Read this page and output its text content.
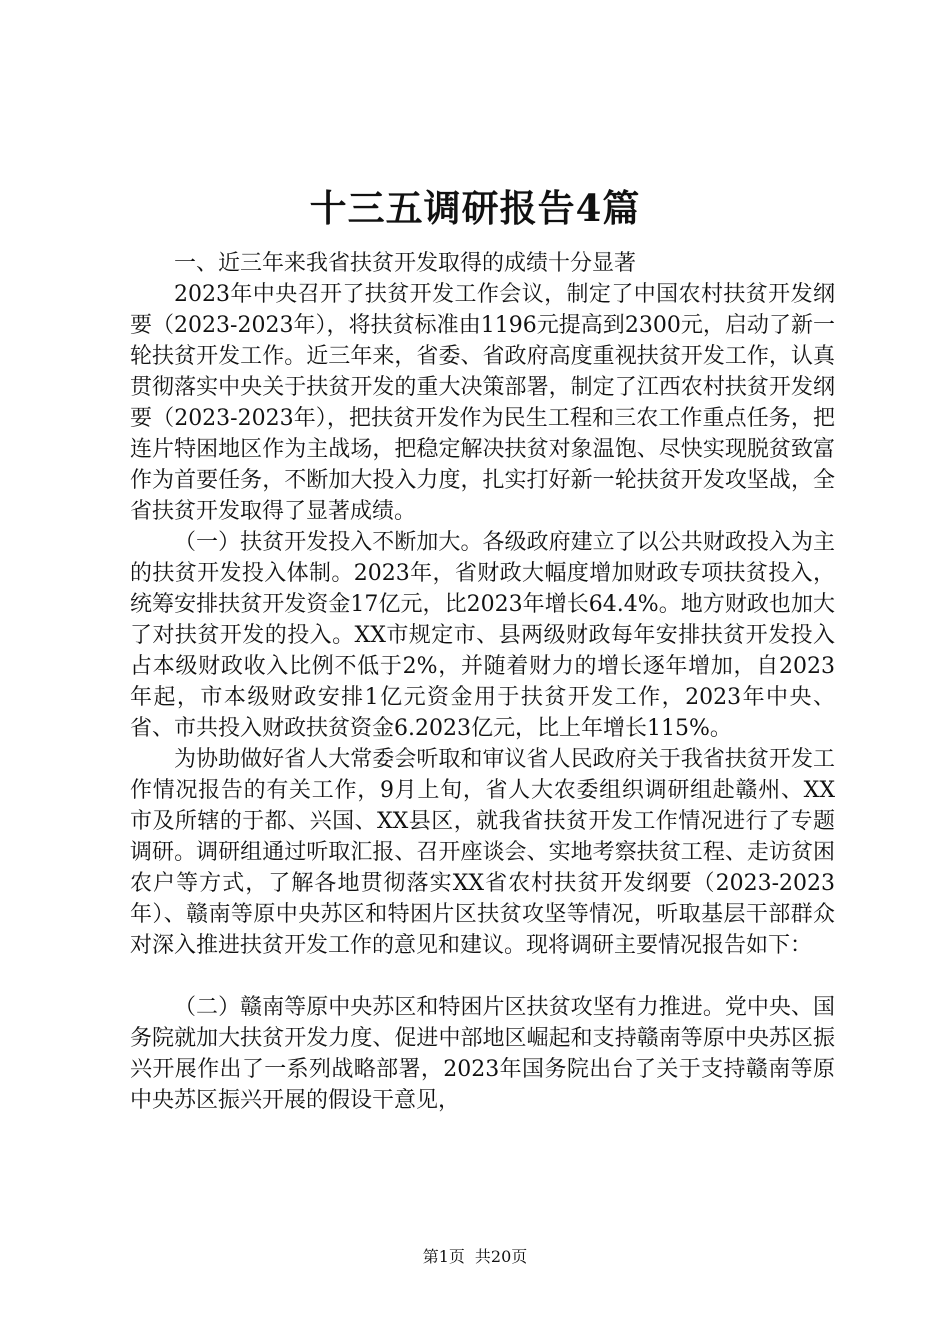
十三五调研报告4篇

一、近三年来我省扶贫开发取得的成绩十分显著

2023年中央召开了扶贫开发工作会议，制定了中国农村扶贫开发纲要（2023-2023年），将扶贫标准由1196元提高到2300元，启动了新一轮扶贫开发工作。近三年来，省委、省政府高度重视扶贫开发工作，认真贯彻落实中央关于扶贫开发的重大决策部署，制定了江西农村扶贫开发纲要（2023-2023年），把扶贫开发作为民生工程和三农工作重点任务，把连片特困地区作为主战场，把稳定解决扶贫对象温饱、尽快实现脱贫致富作为首要任务，不断加大投入力度，扎实打好新一轮扶贫开发攻坚战，全省扶贫开发取得了显著成绩。

（一）扶贫开发投入不断加大。各级政府建立了以公共财政投入为主的扶贫开发投入体制。2023年，省财政大幅度增加财政专项扶贫投入，统筹安排扶贫开发资金17亿元，比2023年增长64.4%。地方财政也加大了对扶贫开发的投入。XX市规定市、县两级财政每年安排扶贫开发投入占本级财政收入比例不低于2%，并随着财力的增长逐年增加，自2023年起，市本级财政安排1亿元资金用于扶贫开发工作，2023年中央、省、市共投入财政扶贫资金6.2023亿元，比上年增长115%。

为协助做好省人大常委会听取和审议省人民政府关于我省扶贫开发工作情况报告的有关工作，9月上旬，省人大农委组织调研组赴赣州、XX市及所辖的于都、兴国、XX县区，就我省扶贫开发工作情况进行了专题调研。调研组通过听取汇报、召开座谈会、实地考察扶贫工程、走访贫困农户等方式，了解各地贯彻落实XX省农村扶贫开发纲要（2023-2023年）、赣南等原中央苏区和特困片区扶贫攻坚等情况，听取基层干部群众对深入推进扶贫开发工作的意见和建议。现将调研主要情况报告如下：

（二）赣南等原中央苏区和特困片区扶贫攻坚有力推进。党中央、国务院就加大扶贫开发力度、促进中部地区崛起和支持赣南等原中央苏区振兴开展作出了一系列战略部署，2023年国务院出台了关于支持赣南等原中央苏区振兴开展的假设干意见，

第1页 共20页
